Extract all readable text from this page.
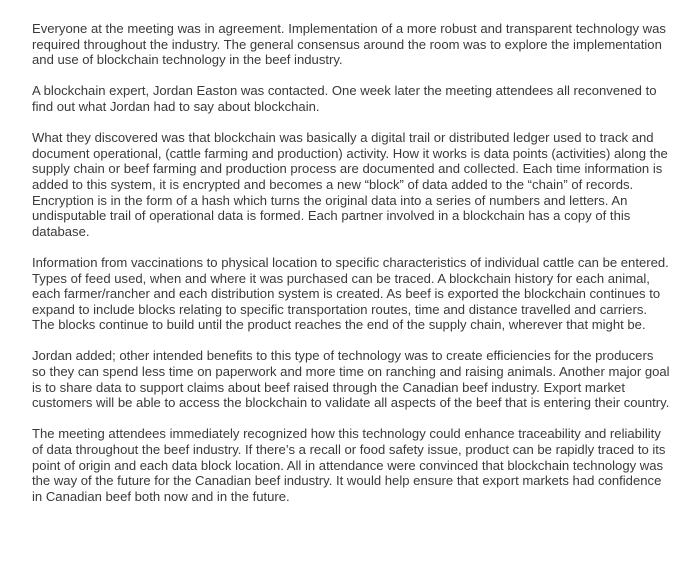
Everyone at the meeting was in agreement. Implementation of a more robust and transparent technology was required throughout the industry. The general consensus around the room was to explore the implementation and use of blockchain technology in the beef industry.

A blockchain expert, Jordan Easton was contacted. One week later the meeting attendees all reconvened to find out what Jordan had to say about blockchain.

What they discovered was that blockchain was basically a digital trail or distributed ledger used to track and document operational, (cattle farming and production) activity. How it works is data points (activities) along the supply chain or beef farming and production process are documented and collected. Each time information is added to this system, it is encrypted and becomes a new “block” of data added to the “chain” of records. Encryption is in the form of a hash which turns the original data into a series of numbers and letters. An undisputable trail of operational data is formed. Each partner involved in a blockchain has a copy of this database.

Information from vaccinations to physical location to specific characteristics of individual cattle can be entered. Types of feed used, when and where it was purchased can be traced. A blockchain history for each animal, each farmer/rancher and each distribution system is created. As beef is exported the blockchain continues to expand to include blocks relating to specific transportation routes, time and distance travelled and carriers. The blocks continue to build until the product reaches the end of the supply chain, wherever that might be.

Jordan added; other intended benefits to this type of technology was to create efficiencies for the producers so they can spend less time on paperwork and more time on ranching and raising animals. Another major goal is to share data to support claims about beef raised through the Canadian beef industry. Export market customers will be able to access the blockchain to validate all aspects of the beef that is entering their country.

The meeting attendees immediately recognized how this technology could enhance traceability and reliability of data throughout the beef industry. If there’s a recall or food safety issue, product can be rapidly traced to its point of origin and each data block location. All in attendance were convinced that blockchain technology was the way of the future for the Canadian beef industry. It would help ensure that export markets had confidence in Canadian beef both now and in the future.
